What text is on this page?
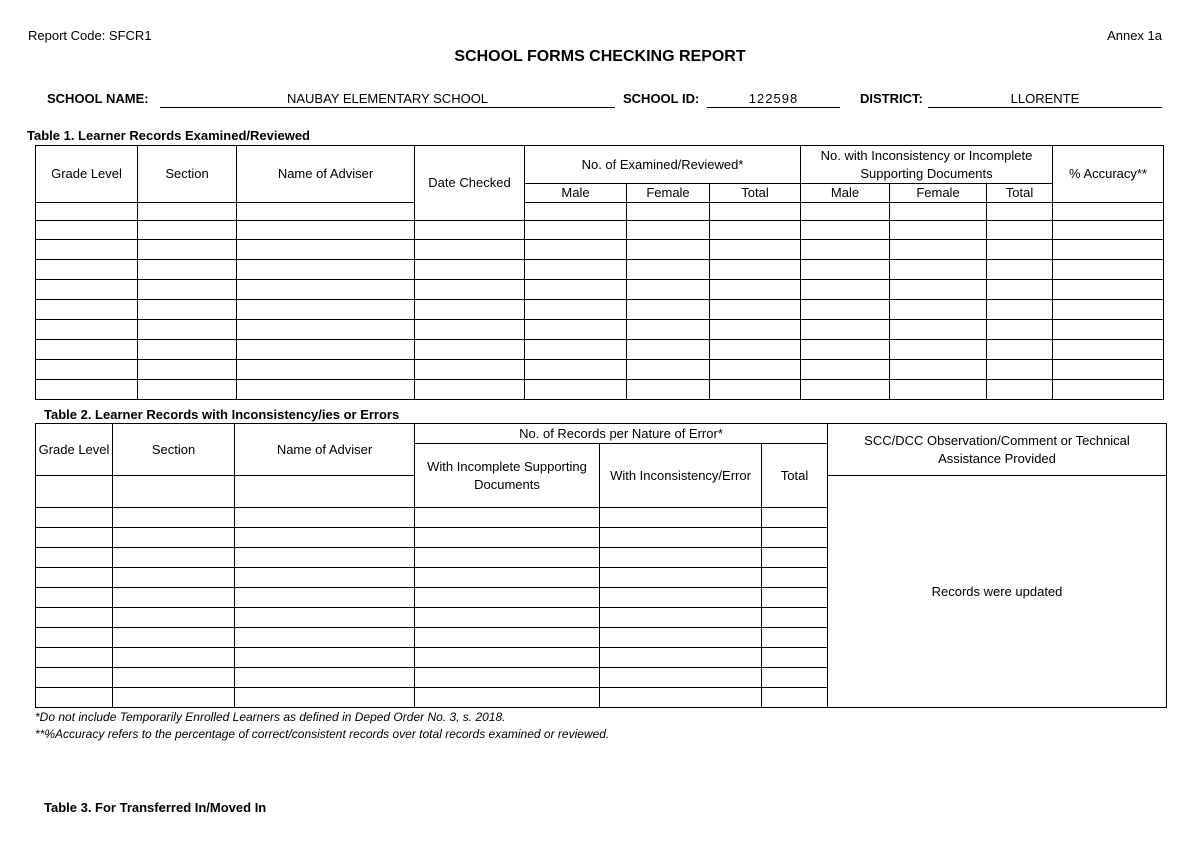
Report Code: SFCR1	Annex 1a
SCHOOL FORMS CHECKING REPORT
SCHOOL NAME:	NAUBAY ELEMENTARY SCHOOL	SCHOOL ID:	122598	DISTRICT:	LLORENTE
Table 1. Learner Records Examined/Reviewed
Grade Level	Section	Name of Adviser	Date Checked	No. of Examined/Reviewed*			No. with Inconsistency or Incomplete Supporting Documents			% Accuracy**
				Male	Female	Total	Male	Female	Total	

Table 2. Learner Records with Inconsistency/ies or Errors
Grade Level	Section	Name of Adviser	No. of Records per Nature of Error*			SCC/DCC Observation/Comment or Technical Assistance Provided
			With Incomplete Supporting Documents	With Inconsistency/Error	Total	
						Records were updated

*Do not include Temporarily Enrolled Learners as defined in Deped Order No. 3, s. 2018.
**%Accuracy refers to the percentage of correct/consistent records over total records examined or reviewed.
Table 3. For Transferred In/Moved In
